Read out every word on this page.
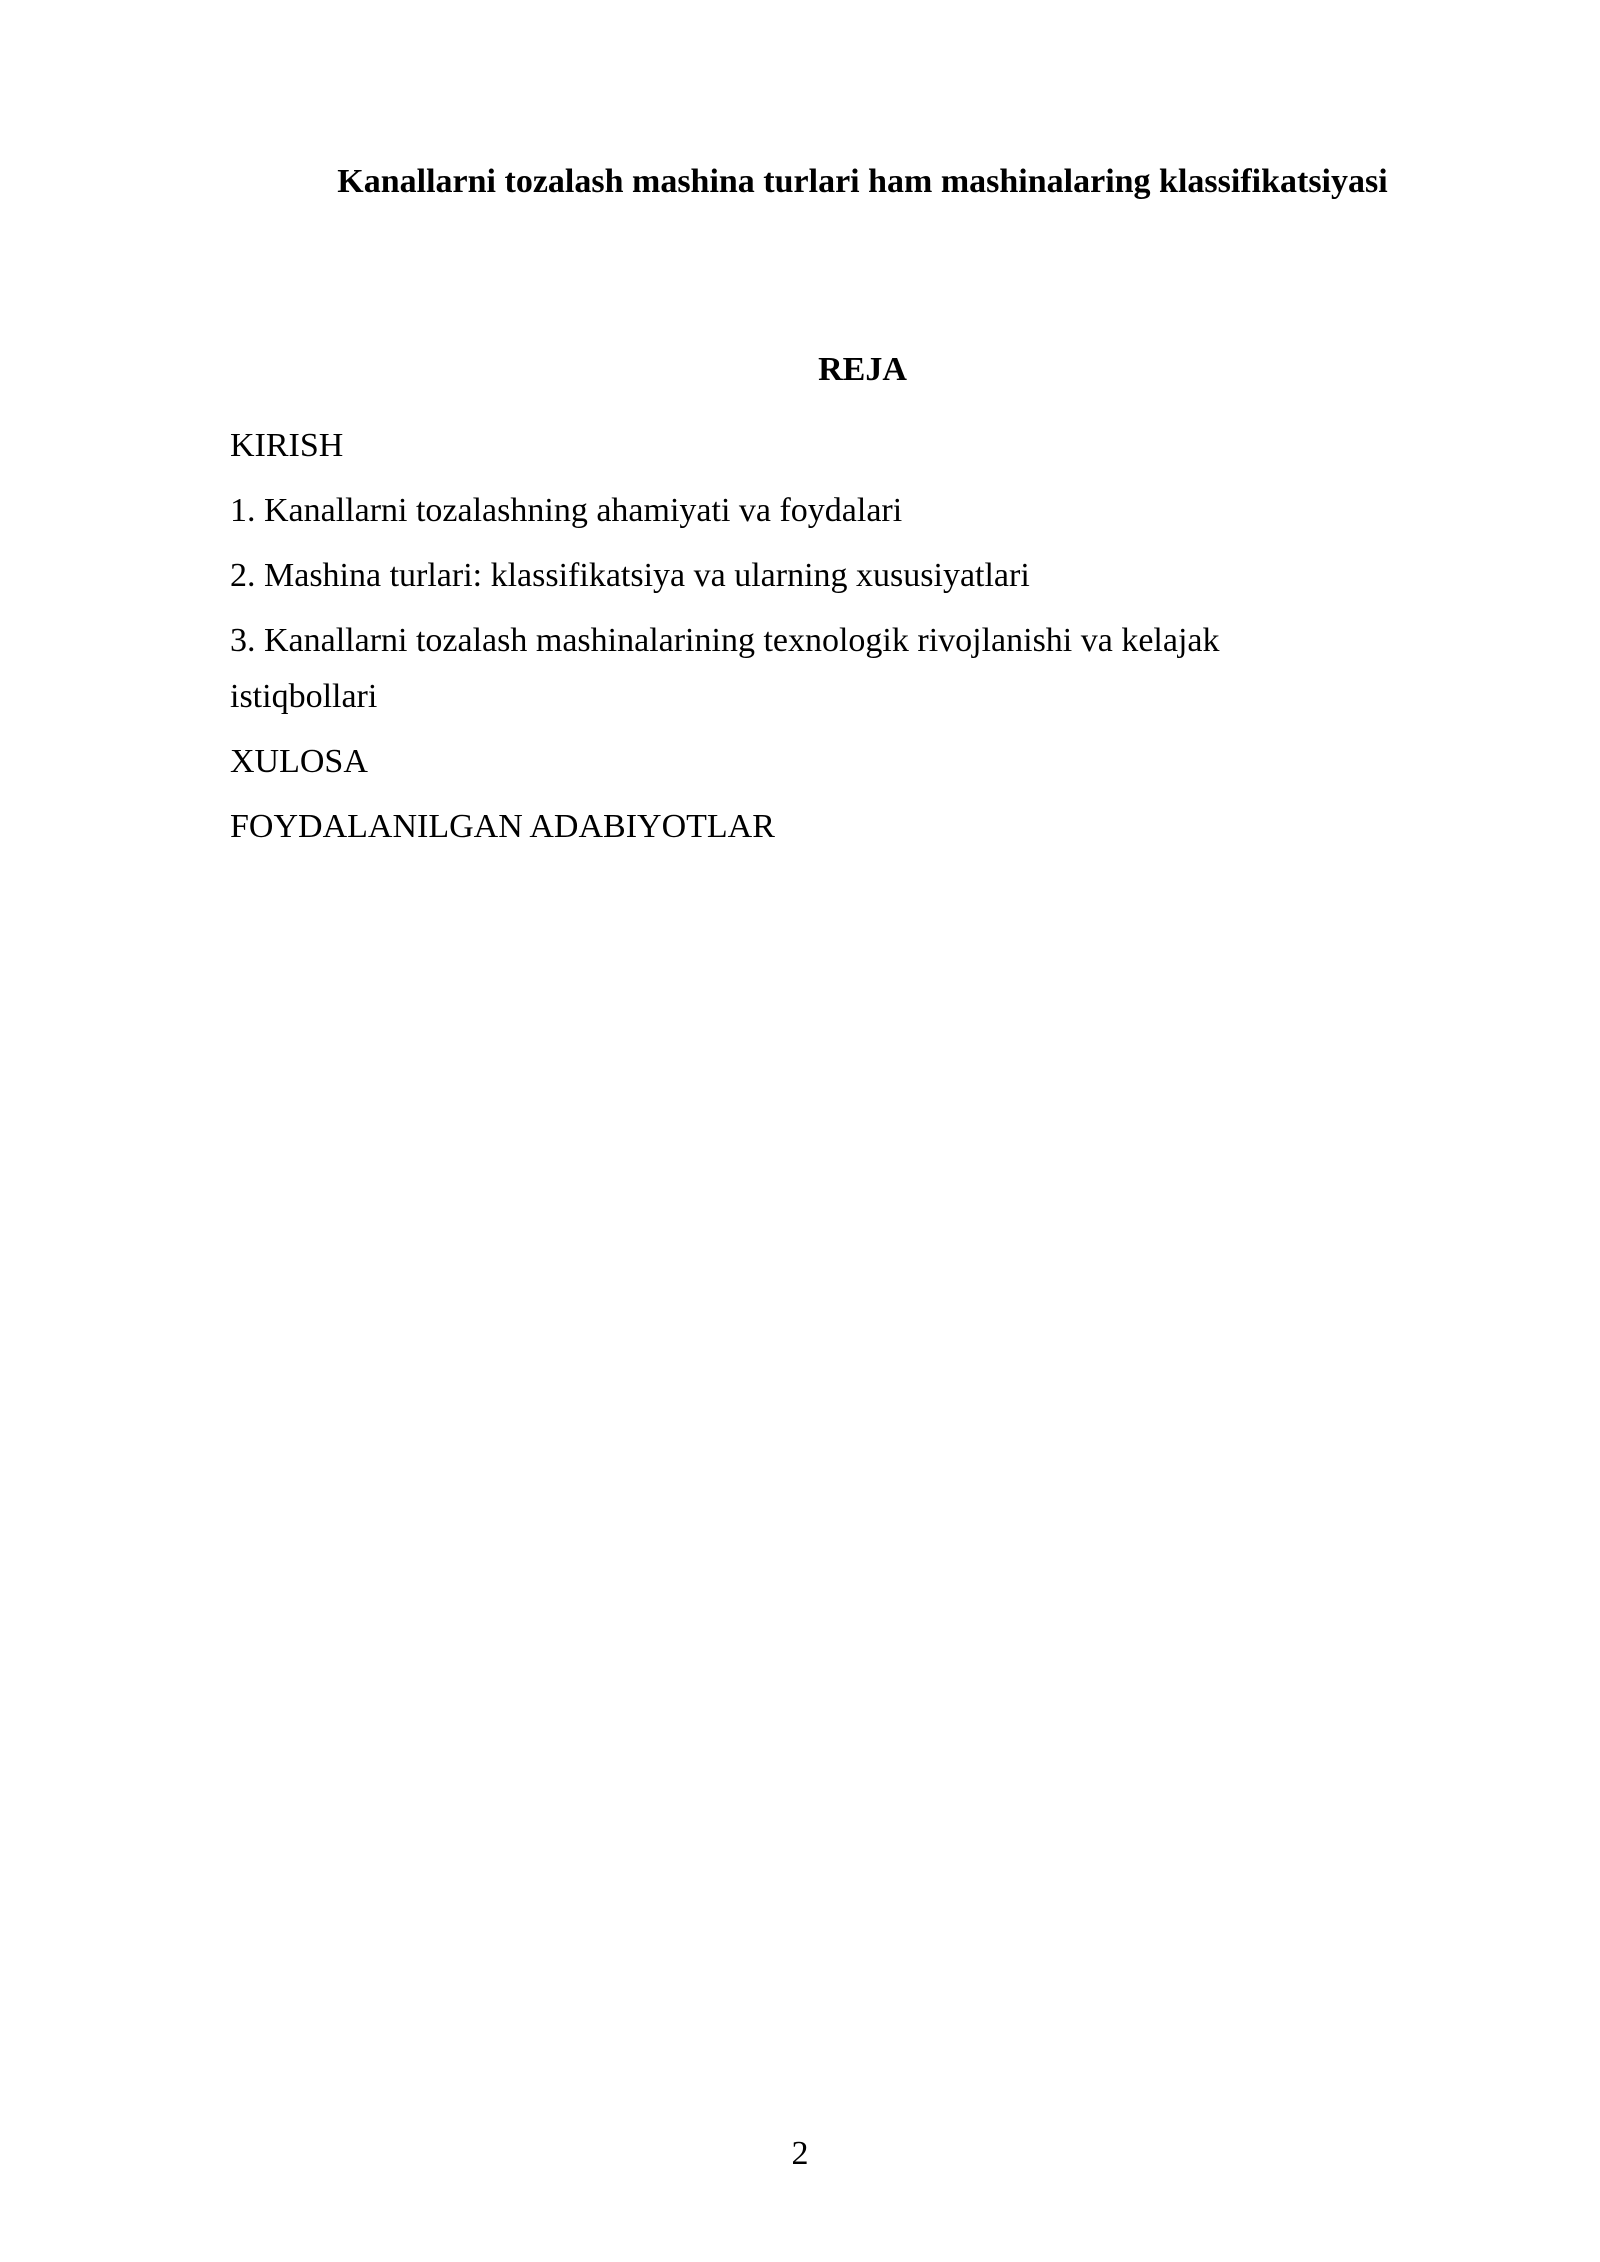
Kanallarni tozalash mashina turlari ham mashinalaring klassifikatsiyasi
REJA
KIRISH
1. Kanallarni tozalashning ahamiyati va foydalari
2. Mashina turlari: klassifikatsiya va ularning xususiyatlari
3. Kanallarni tozalash mashinalarining texnologik rivojlanishi va kelajak istiqbollari
XULOSA
FOYDALANILGAN ADABIYOTLAR
2
